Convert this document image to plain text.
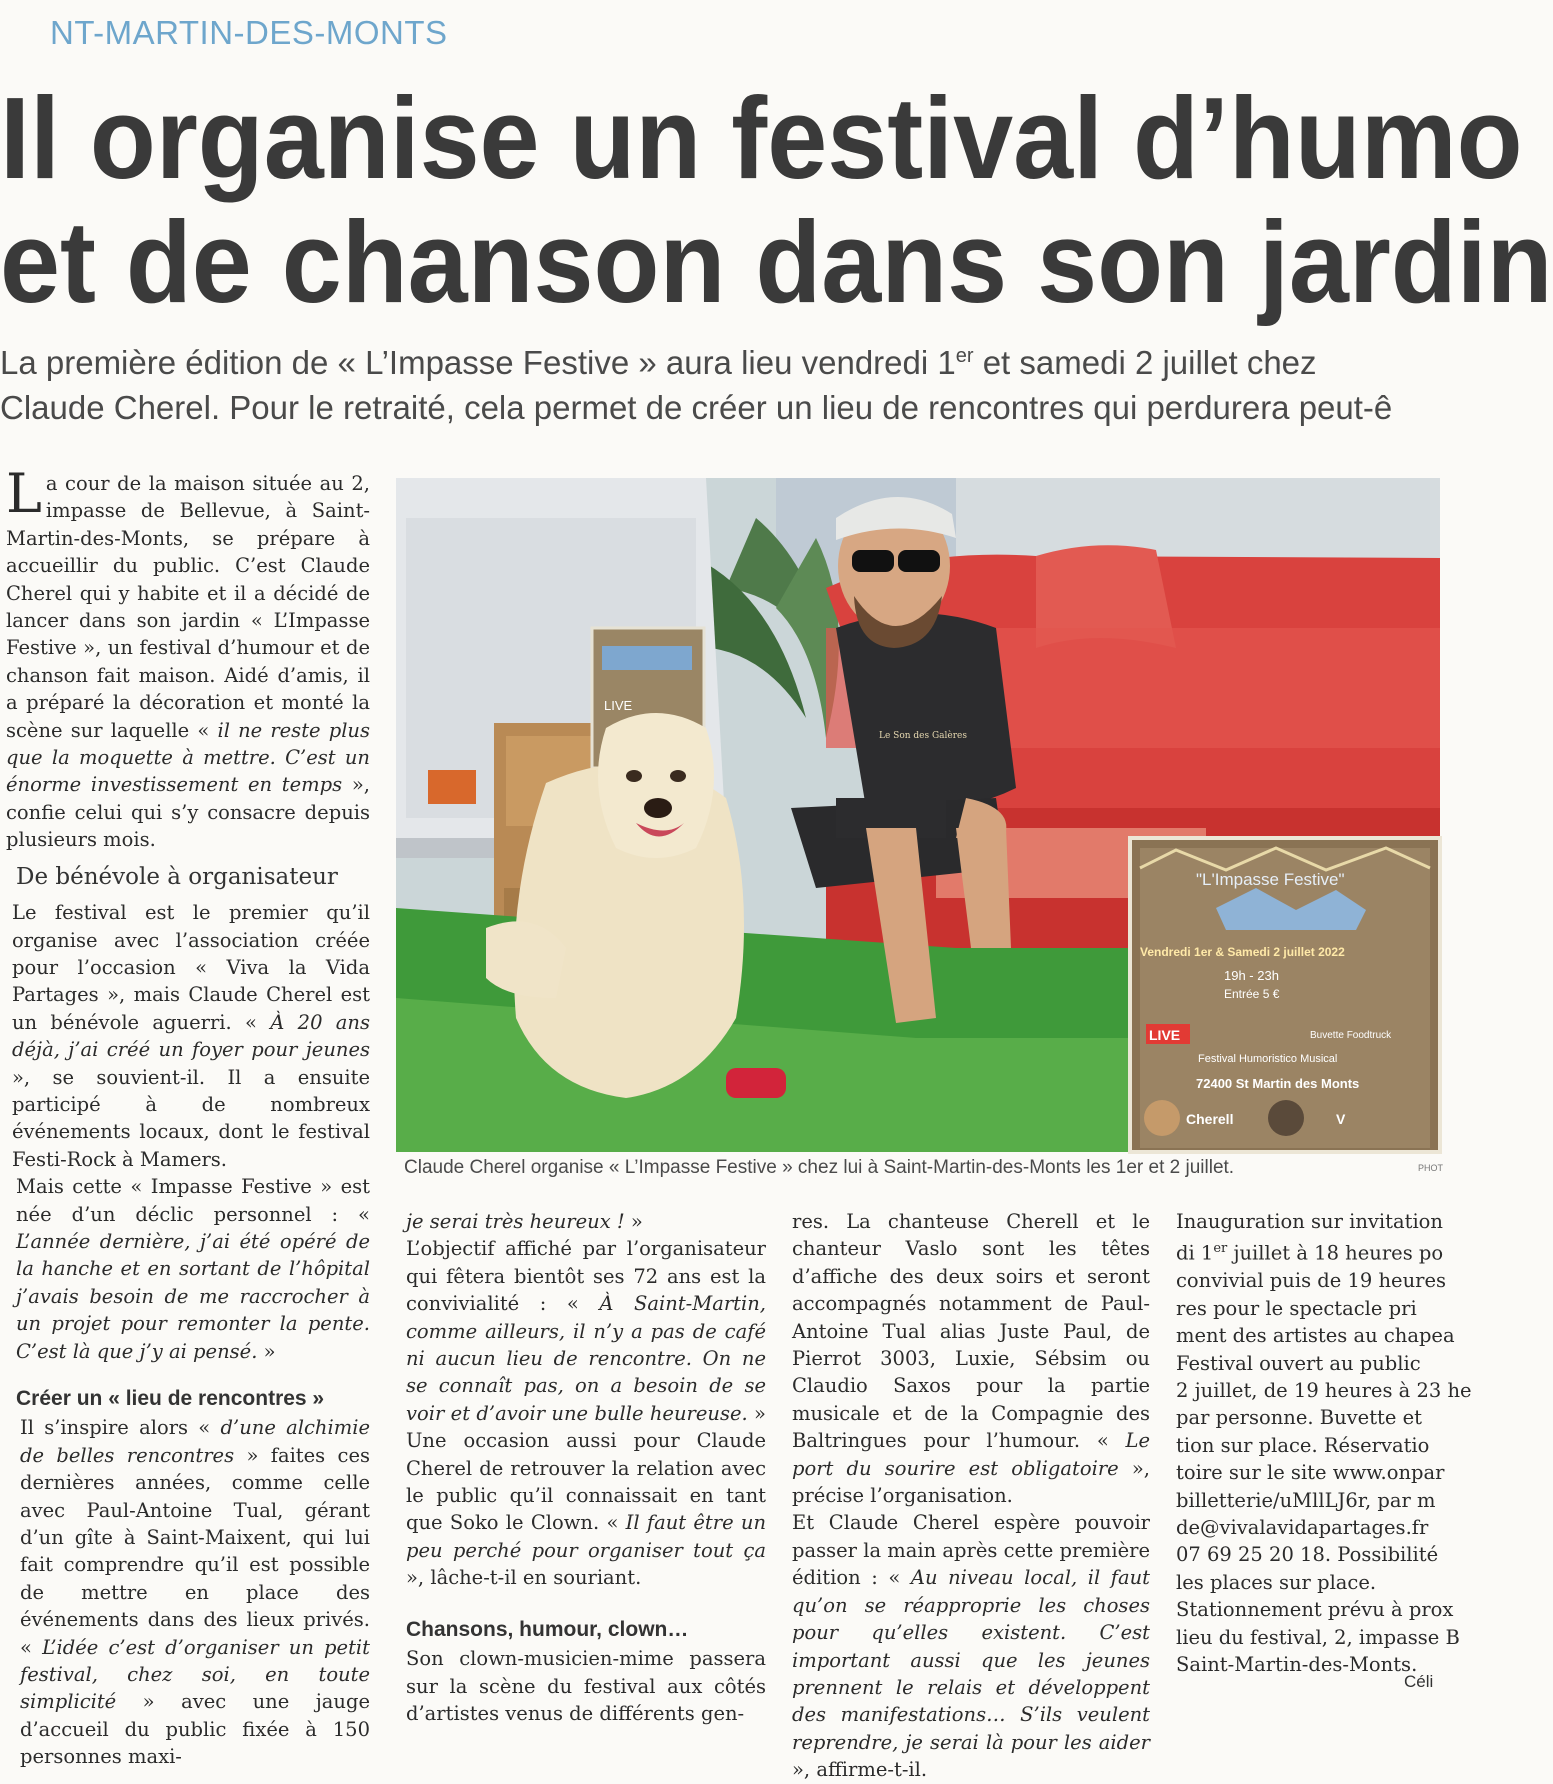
NT-MARTIN-DES-MONTS
Il organise un festival d’humo
et de chanson dans son jardin
La première édition de « L’Impasse Festive » aura lieu vendredi 1er et samedi 2 juillet chez
Claude Cherel. Pour le retraité, cela permet de créer un lieu de rencontres qui perdurera peut-ê
LIVE
Le Son des Galères
"L'Impasse Festive"
Vendredi 1er & Samedi 2 juillet 2022
19h - 23h
Entrée 5 €
LIVE	Buvette Foodtruck
Festival Humoristico Musical
72400 St Martin des Monts
Cherell	V
Claude Cherel organise « L’Impasse Festive » chez lui à Saint-Martin-des-Monts les 1er et 2 juillet.	PHOT

La cour de la maison située au 2, impasse de Bellevue, à Saint-Martin-des-Monts, se prépare à accueillir du public. C’est Claude Cherel qui y habite et il a décidé de lancer dans son jardin « L’Impasse Festive », un festival d’humour et de chanson fait maison. Aidé d’amis, il a préparé la décoration et monté la scène sur laquelle « il ne reste plus que la moquette à mettre. C’est un énorme investissement en temps », confie celui qui s’y consacre depuis plusieurs mois.

De bénévole à organisateur

Le festival est le premier qu’il organise avec l’association créée pour l’occasion « Viva la Vida Partages », mais Claude Cherel est un bénévole aguerri. « À 20 ans déjà, j’ai créé un foyer pour jeunes », se souvient-il. Il a ensuite participé à de nombreux événements locaux, dont le festival Festi-Rock à Mamers.

Mais cette « Impasse Festive » est née d’un déclic personnel : « L’année dernière, j’ai été opéré de la hanche et en sortant de l’hôpital j’avais besoin de me raccrocher à un projet pour remonter la pente. C’est là que j’y ai pensé. »

Créer un « lieu de rencontres »

Il s’inspire alors « d’une alchimie de belles rencontres » faites ces dernières années, comme celle avec Paul-Antoine Tual, gérant d’un gîte à Saint-Maixent, qui lui fait comprendre qu’il est possible de mettre en place des événements dans des lieux privés. « L’idée c’est d’organiser un petit festival, chez soi, en toute simplicité » avec une jauge d’accueil du public fixée à 150 personnes maxi-

je serai très heureux ! »

L’objectif affiché par l’organisateur qui fêtera bientôt ses 72 ans est la convivialité : « À Saint-Martin, comme ailleurs, il n’y a pas de café ni aucun lieu de rencontre. On ne se connaît pas, on a besoin de se voir et d’avoir une bulle heureuse. » Une occasion aussi pour Claude Cherel de retrouver la relation avec le public qu’il connaissait en tant que Soko le Clown. « Il faut être un peu perché pour organiser tout ça », lâche-t-il en souriant.

Chansons, humour, clown…

Son clown-musicien-mime passera sur la scène du festival aux côtés d’artistes venus de différents gen-

res. La chanteuse Cherell et le chanteur Vaslo sont les têtes d’affiche des deux soirs et seront accompagnés notamment de Paul-Antoine Tual alias Juste Paul, de Pierrot 3003, Luxie, Sébsim ou Claudio Saxos pour la partie musicale et de la Compagnie des Baltringues pour l’humour. « Le port du sourire est obligatoire », précise l’organisation.

Et Claude Cherel espère pouvoir passer la main après cette première édition : « Au niveau local, il faut qu’on se réapproprie les choses pour qu’elles existent. C’est important aussi que les jeunes prennent le relais et développent des manifestations… S’ils veulent reprendre, je serai là pour les aider », affirme-t-il.

Inauguration sur invitation
di 1er juillet à 18 heures po
convivial puis de 19 heures
res pour le spectacle pri
ment des artistes au chapea
Festival ouvert au public
2 juillet, de 19 heures à 23 he
par personne. Buvette et
tion sur place. Réservatio
toire sur le site www.onpar
billetterie/uMllLJ6r, par m
de@vivalavidapartages.fr
07 69 25 20 18. Possibilité
les places sur place.
Stationnement prévu à prox
lieu du festival, 2, impasse B
Saint-Martin-des-Monts.
Céli
